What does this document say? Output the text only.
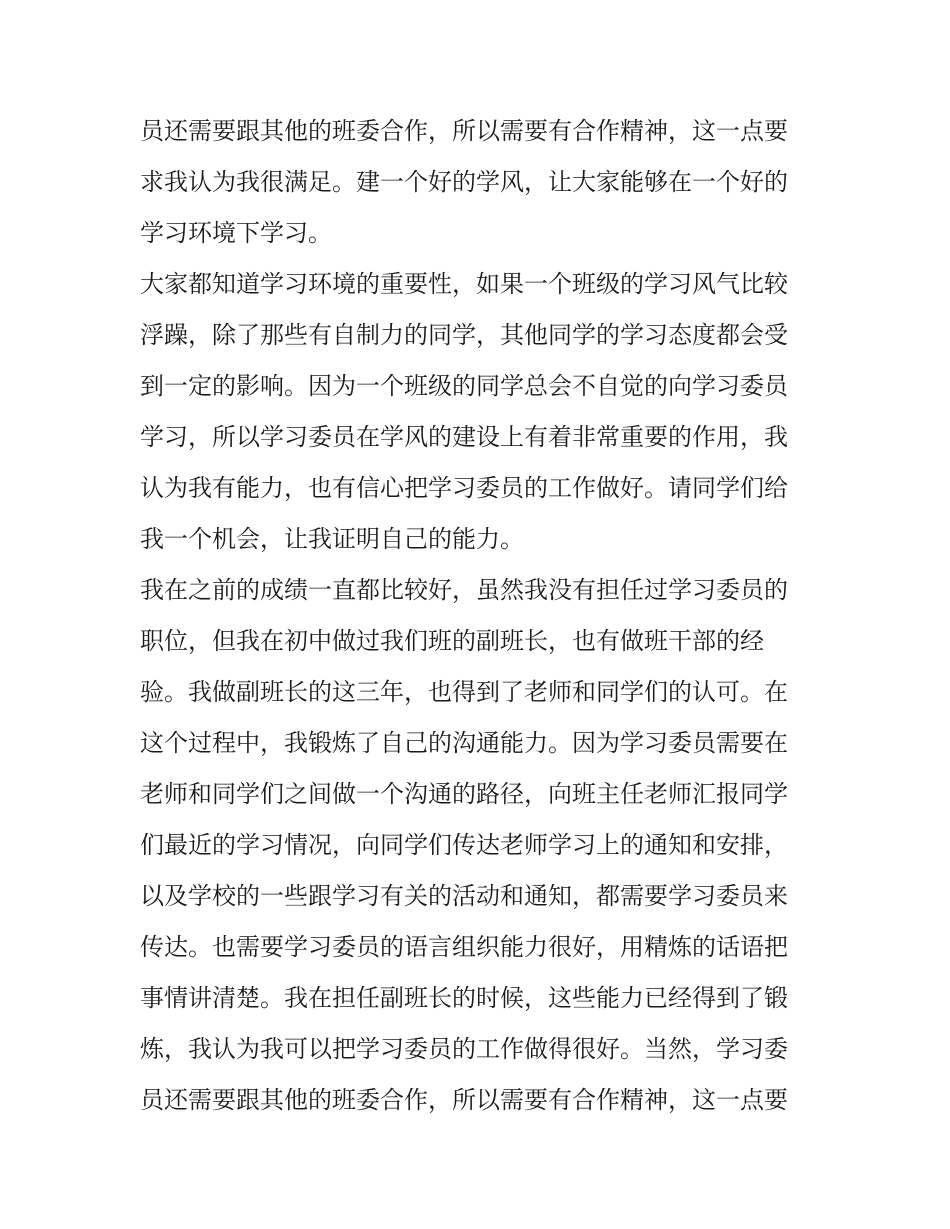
员还需要跟其他的班委合作，所以需要有合作精神，这一点要
求我认为我很满足。建一个好的学风，让大家能够在一个好的
学习环境下学习。
大家都知道学习环境的重要性，如果一个班级的学习风气比较
浮躁，除了那些有自制力的同学，其他同学的学习态度都会受
到一定的影响。因为一个班级的同学总会不自觉的向学习委员
学习，所以学习委员在学风的建设上有着非常重要的作用，我
认为我有能力，也有信心把学习委员的工作做好。请同学们给
我一个机会，让我证明自己的能力。
我在之前的成绩一直都比较好，虽然我没有担任过学习委员的
职位，但我在初中做过我们班的副班长，也有做班干部的经
验。我做副班长的这三年，也得到了老师和同学们的认可。在
这个过程中，我锻炼了自己的沟通能力。因为学习委员需要在
老师和同学们之间做一个沟通的路径，向班主任老师汇报同学
们最近的学习情况，向同学们传达老师学习上的通知和安排，
以及学校的一些跟学习有关的活动和通知，都需要学习委员来
传达。也需要学习委员的语言组织能力很好，用精炼的话语把
事情讲清楚。我在担任副班长的时候，这些能力已经得到了锻
炼，我认为我可以把学习委员的工作做得很好。当然，学习委
员还需要跟其他的班委合作，所以需要有合作精神，这一点要
